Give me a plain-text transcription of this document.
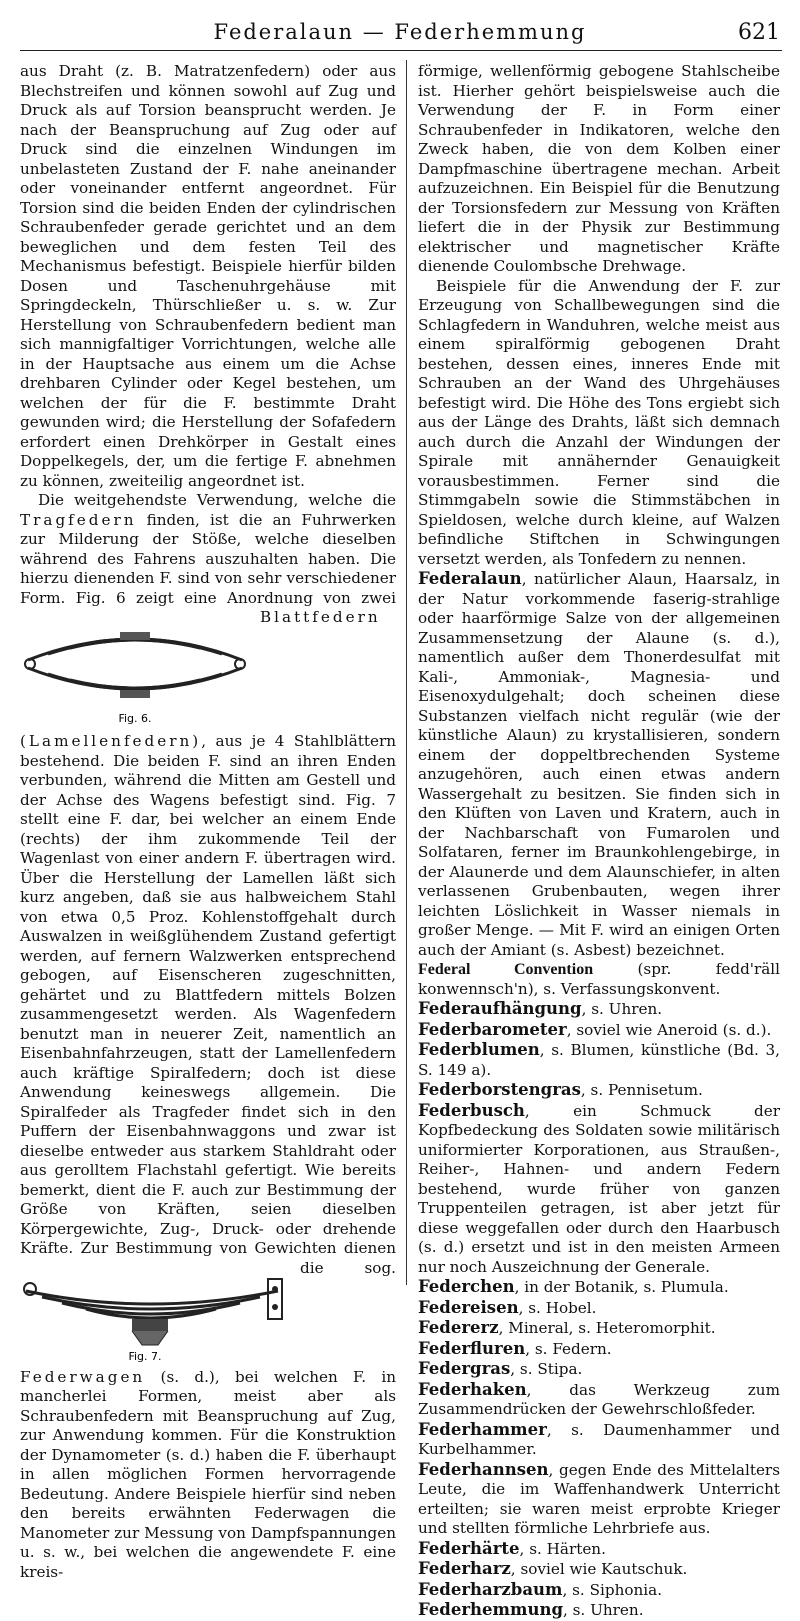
Federalaun — Federhemmung	621

aus Draht (z. B. Matratzenfedern) oder aus Blechstreifen und können sowohl auf Zug und Druck als auf Torsion beansprucht werden. Je nach der Beanspruchung auf Zug oder auf Druck sind die einzelnen Windungen im unbelasteten Zustand der F. nahe aneinander oder voneinander entfernt angeordnet. Für Torsion sind die beiden Enden der cylindrischen Schraubenfeder gerade gerichtet und an dem beweglichen und dem festen Teil des Mechanismus befestigt. Beispiele hierfür bilden Dosen und Taschenuhrgehäuse mit Springdeckeln, Thürschließer u. s. w. Zur Herstellung von Schraubenfedern bedient man sich mannigfaltiger Vorrichtungen, welche alle in der Hauptsache aus einem um die Achse drehbaren Cylinder oder Kegel bestehen, um welchen der für die F. bestimmte Draht gewunden wird; die Herstellung der Sofafedern erfordert einen Drehkörper in Gestalt eines Doppelkegels, der, um die fertige F. abnehmen zu können, zweiteilig angeordnet ist.

Die weitgehendste Verwendung, welche die Tragfedern finden, ist die an Fuhrwerken zur Milderung der Stöße, welche dieselben während des Fahrens auszuhalten haben. Die hierzu dienenden F. sind von sehr verschiedener Form. Fig. 6 zeigt eine Anordnung von zwei
Fig. 6.
Blattfedern (Lamellenfedern), aus je 4 Stahlblättern bestehend. Die beiden F. sind an ihren Enden verbunden, während die Mitten am Gestell und der Achse des Wagens befestigt sind. Fig. 7 stellt eine F. dar, bei welcher an einem Ende (rechts) der ihm zukommende Teil der Wagenlast von einer andern F. übertragen wird. Über die Herstellung der Lamellen läßt sich kurz angeben, daß sie aus halbweichem Stahl von etwa 0,5 Proz. Kohlenstoffgehalt durch Auswalzen in weißglühendem Zustand gefertigt werden, auf fernern Walzwerken entsprechend gebogen, auf Eisenscheren zugeschnitten, gehärtet und zu Blattfedern mittels Bolzen zusammengesetzt werden. Als Wagenfedern benutzt man in neuerer Zeit, namentlich an Eisenbahnfahrzeugen, statt der Lamellenfedern auch kräftige Spiralfedern; doch ist diese Anwendung keineswegs allgemein. Die Spiralfeder als Tragfeder findet sich in den Puffern der Eisenbahnwaggons und zwar ist dieselbe entweder aus starkem Stahldraht oder aus gerolltem Flachstahl gefertigt. Wie bereits bemerkt, dient die F. auch zur Bestimmung der Größe von Kräften, seien dieselben Körpergewichte, Zug-, Druck- oder drehende Kräfte. Zur Bestimmung von Gewichten dienen die sog.
Fig. 7.
Federwagen (s. d.), bei welchen F. in mancherlei Formen, meist aber als Schraubenfedern mit Beanspruchung auf Zug, zur Anwendung kommen. Für die Konstruktion der Dynamometer (s. d.) haben die F. überhaupt in allen möglichen Formen hervorragende Bedeutung. Andere Beispiele hierfür sind neben den bereits erwähnten Federwagen die Manometer zur Messung von Dampfspannungen u. s. w., bei welchen die angewendete F. eine kreis-

förmige, wellenförmig gebogene Stahlscheibe ist. Hierher gehört beispielsweise auch die Verwendung der F. in Form einer Schraubenfeder in Indikatoren, welche den Zweck haben, die von dem Kolben einer Dampfmaschine übertragene mechan. Arbeit aufzuzeichnen. Ein Beispiel für die Benutzung der Torsionsfedern zur Messung von Kräften liefert die in der Physik zur Bestimmung elektrischer und magnetischer Kräfte dienende Coulombsche Drehwage.

Beispiele für die Anwendung der F. zur Erzeugung von Schallbewegungen sind die Schlagfedern in Wanduhren, welche meist aus einem spiralförmig gebogenen Draht bestehen, dessen eines, inneres Ende mit Schrauben an der Wand des Uhrgehäuses befestigt wird. Die Höhe des Tons ergiebt sich aus der Länge des Drahts, läßt sich demnach auch durch die Anzahl der Windungen der Spirale mit annähernder Genauigkeit vorausbestimmen. Ferner sind die Stimmgabeln sowie die Stimmstäbchen in Spieldosen, welche durch kleine, auf Walzen befindliche Stiftchen in Schwingungen versetzt werden, als Tonfedern zu nennen.

Federalaun, natürlicher Alaun, Haarsalz, in der Natur vorkommende faserig-strahlige oder haarförmige Salze von der allgemeinen Zusammensetzung der Alaune (s. d.), namentlich außer dem Thonerdesulfat mit Kali-, Ammoniak-, Magnesia- und Eisenoxydulgehalt; doch scheinen diese Substanzen vielfach nicht regulär (wie der künstliche Alaun) zu krystallisieren, sondern einem der doppeltbrechenden Systeme anzugehören, auch einen etwas andern Wassergehalt zu besitzen. Sie finden sich in den Klüften von Laven und Kratern, auch in der Nachbarschaft von Fumarolen und Solfataren, ferner im Braunkohlengebirge, in der Alaunerde und dem Alaunschiefer, in alten verlassenen Grubenbauten, wegen ihrer leichten Löslichkeit in Wasser niemals in großer Menge. — Mit F. wird an einigen Orten auch der Amiant (s. Asbest) bezeichnet.

Federal Convention (spr. fedd'räll konwennsch'n), s. Verfassungskonvent.

Federaufhängung, s. Uhren.

Federbarometer, soviel wie Aneroid (s. d.).

Federblumen, s. Blumen, künstliche (Bd. 3, S. 149 a).

Federborstengras, s. Pennisetum.

Federbusch, ein Schmuck der Kopfbedeckung des Soldaten sowie militärisch uniformierter Korporationen, aus Straußen-, Reiher-, Hahnen- und andern Federn bestehend, wurde früher von ganzen Truppenteilen getragen, ist aber jetzt für diese weggefallen oder durch den Haarbusch (s. d.) ersetzt und ist in den meisten Armeen nur noch Auszeichnung der Generale.

Federchen, in der Botanik, s. Plumula.

Federeisen, s. Hobel.

Federerz, Mineral, s. Heteromorphit.

Federfluren, s. Federn.

Federgras, s. Stipa.

Federhaken, das Werkzeug zum Zusammendrücken der Gewehrschloßfeder.

Federhammer, s. Daumenhammer und Kurbelhammer.

Federhannsen, gegen Ende des Mittelalters Leute, die im Waffenhandwerk Unterricht erteilten; sie waren meist erprobte Krieger und stellten förmliche Lehrbriefe aus.

Federhärte, s. Härten.

Federharz, soviel wie Kautschuk.

Federharzbaum, s. Siphonia.

Federhemmung, s. Uhren.
